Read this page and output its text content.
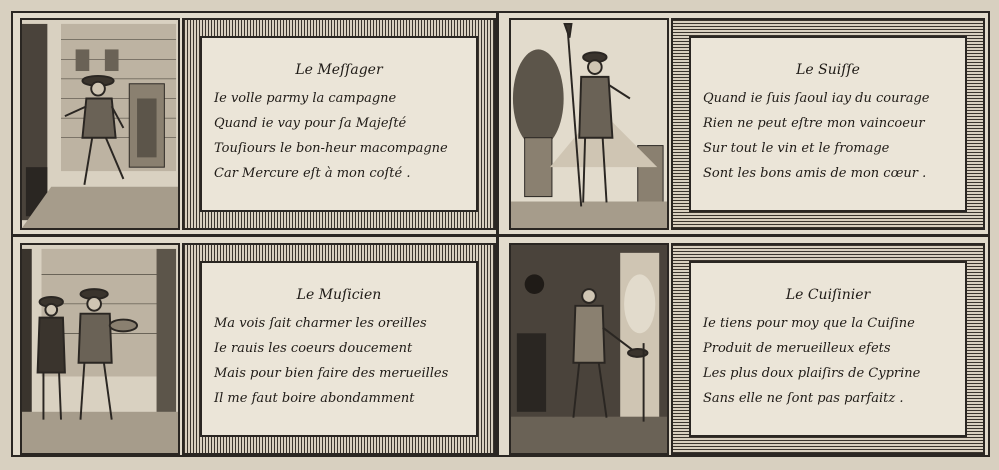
Le Meſſager
Ie volle parmy la campagne
Quand ie vay pour ſa Majeſté
Touſiours le bon-heur macompagne
Car Mercure eſt à mon coſté .
Le Suiſſe
Quand ie ſuis ſaoul iay du courage
Rien ne peut eſtre mon vaincoeur
Sur tout le vin et le fromage
Sont les bons amis de mon cœur .
Le Muſicien
Ma vois ſait charmer les oreilles
Ie rauis les coeurs doucement
Mais pour bien faire des merueilles
Il me faut boire abondamment
Le Cuiſinier
Ie tiens pour moy que la Cuiſine
Produit de merueilleux efets
Les plus doux plaiſirs de Cyprine
Sans elle ne ſont pas parfaitz .
